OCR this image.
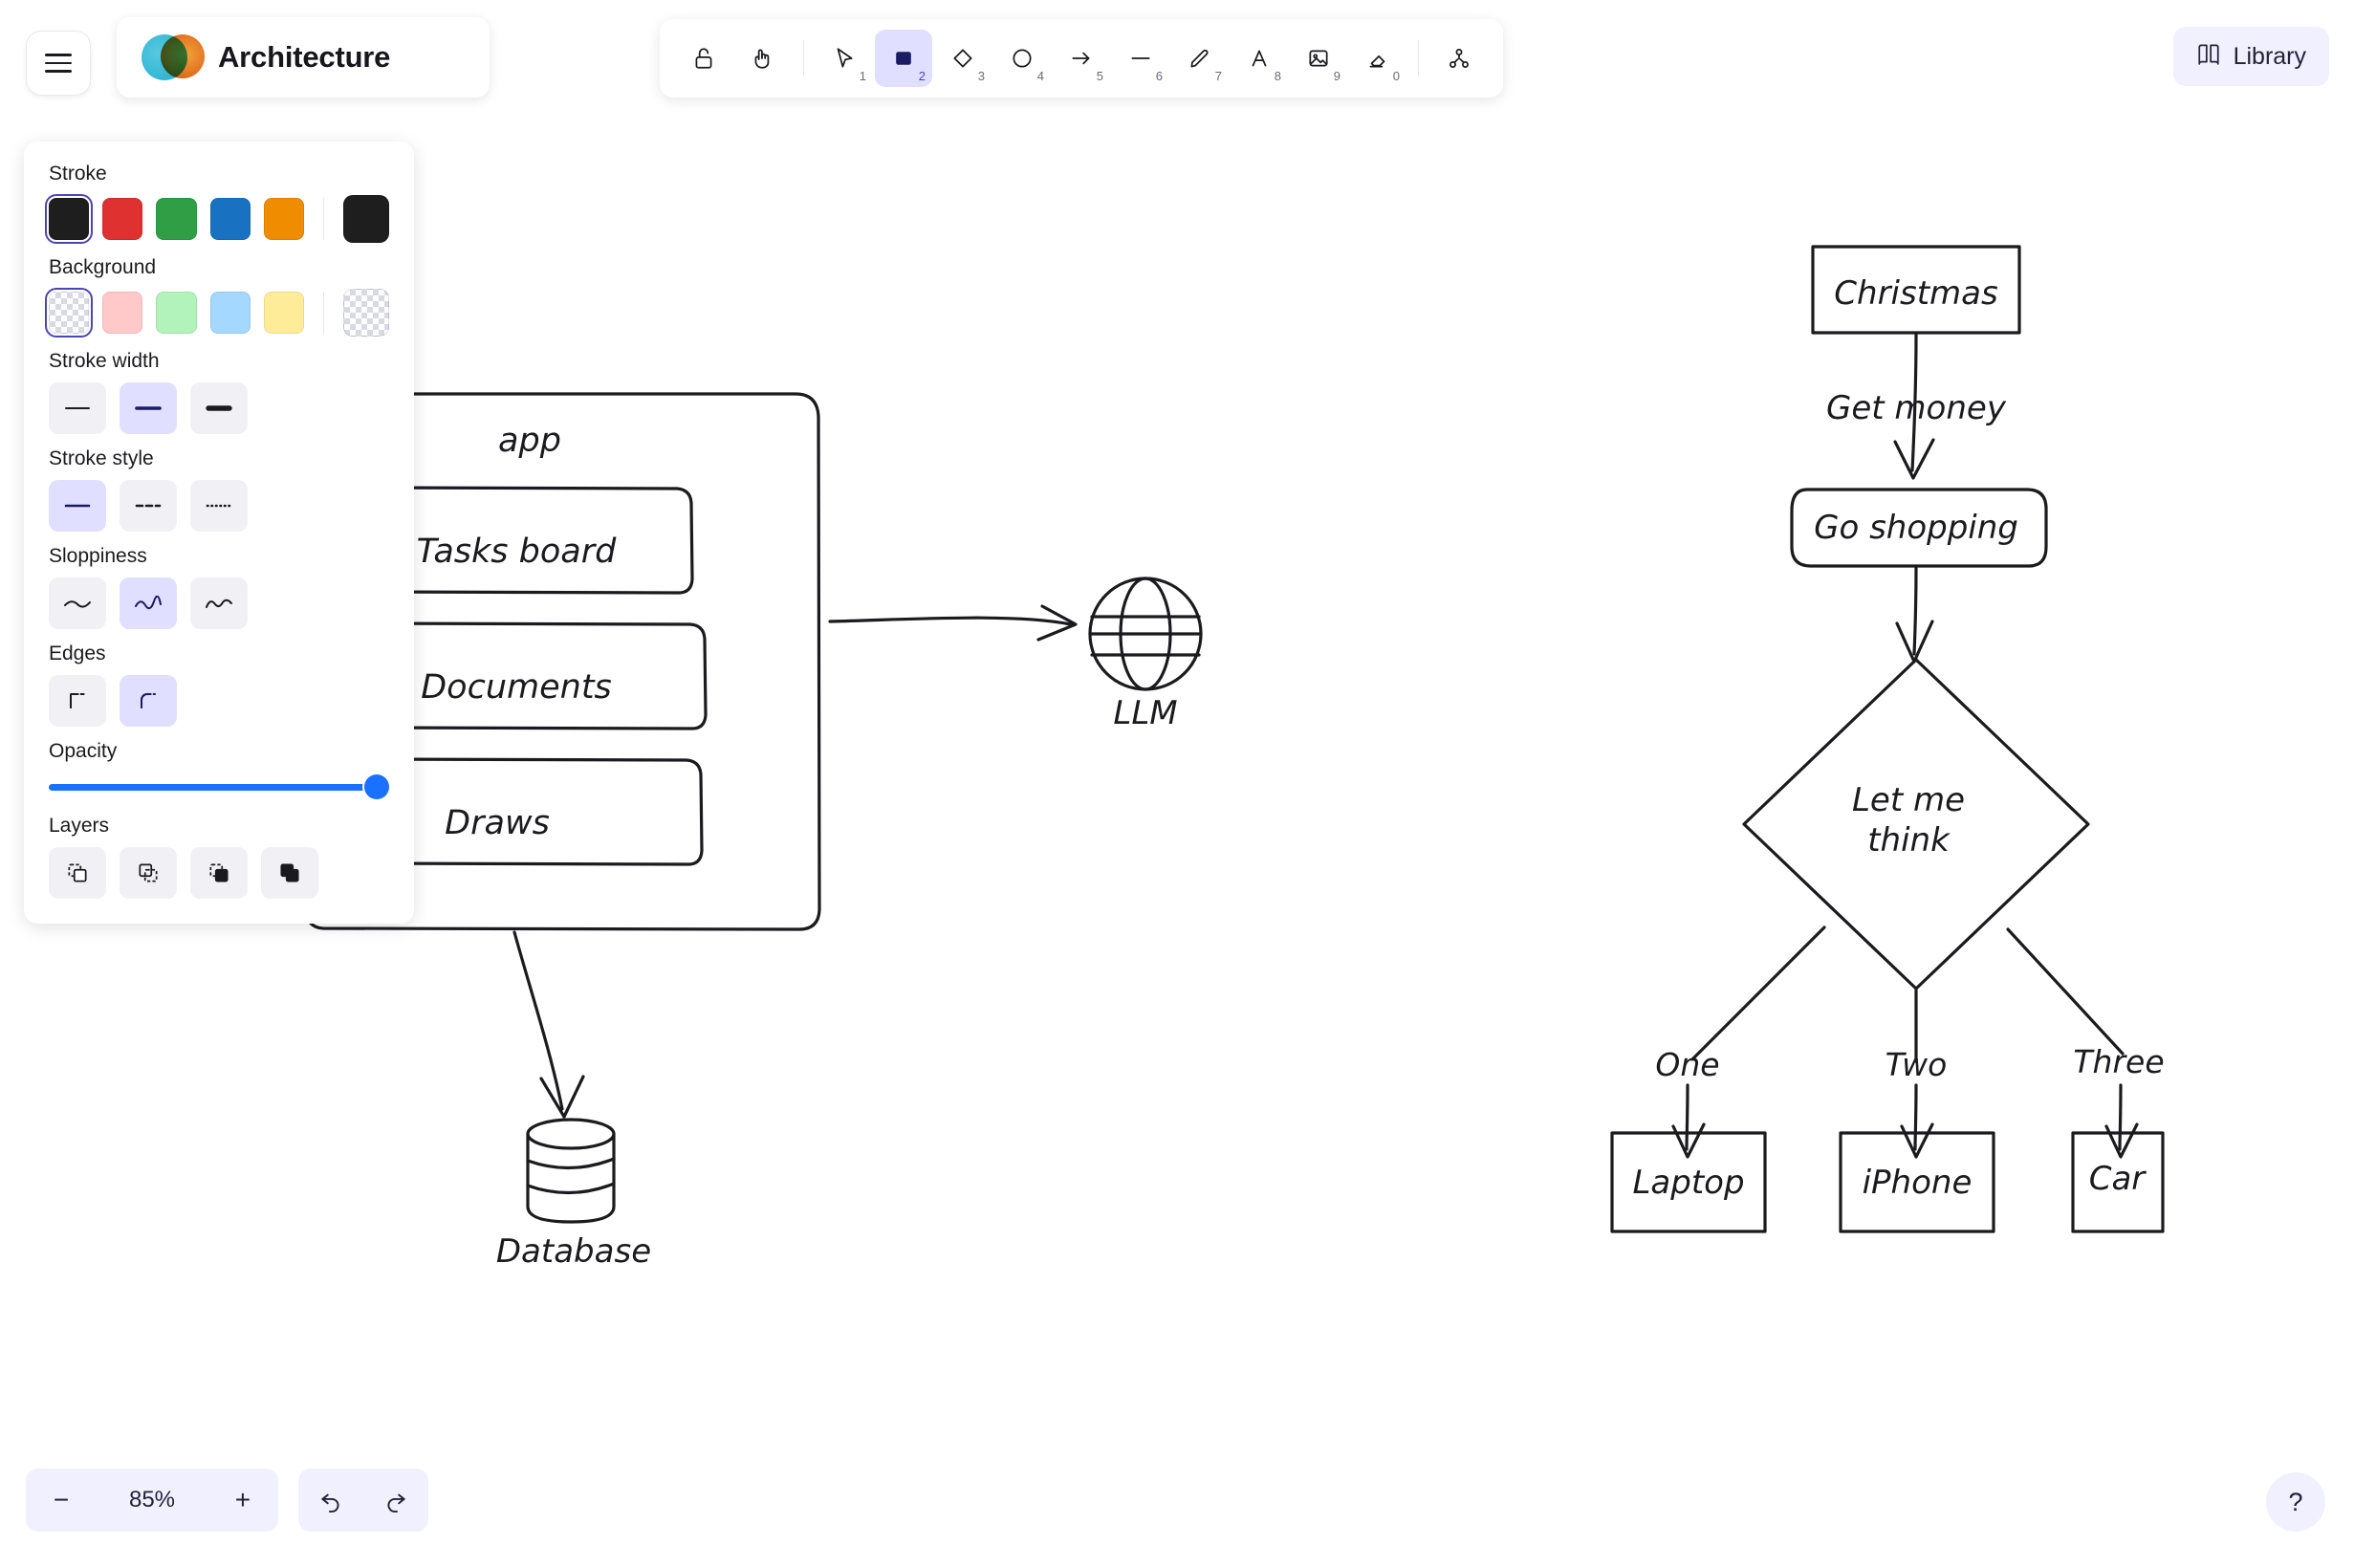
app
Tasks board
Documents
Draws
LLM
Database
Christmas
Get money
Go shopping
Let me
think
One	Two	Three
Laptop	iPhone	Car
Architecture
1	2	3	4	5	6	7	8	9	0
Library
Stroke
Background
Stroke width
Stroke style
Sloppiness
Edges
Opacity
Layers
−	85%	+	?
